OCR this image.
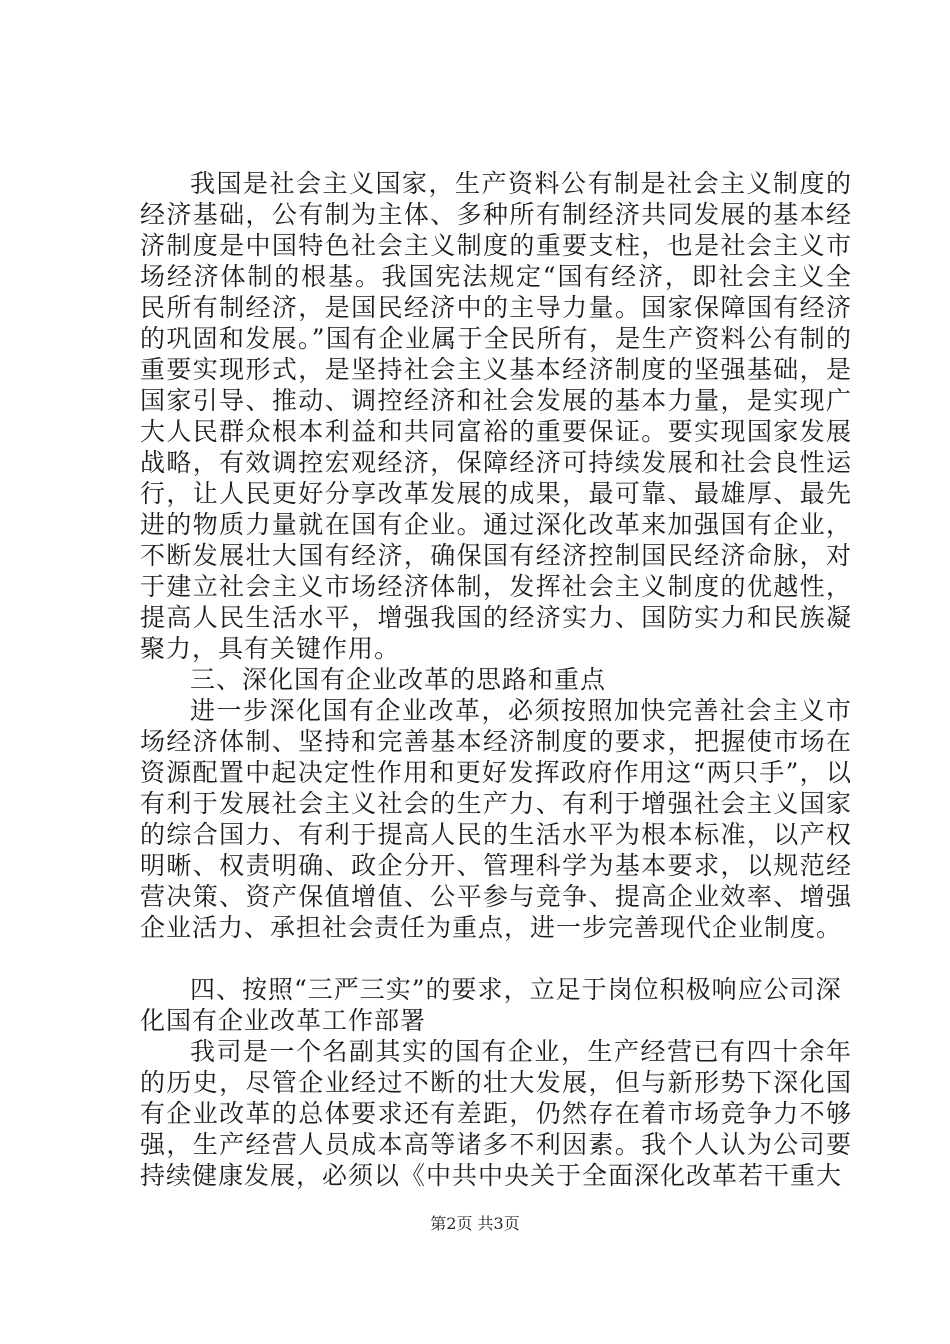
我国是社会主义国家，生产资料公有制是社会主义制度的经济基础，公有制为主体、多种所有制经济共同发展的基本经济制度是中国特色社会主义制度的重要支柱，也是社会主义市场经济体制的根基。我国宪法规定“国有经济，即社会主义全民所有制经济，是国民经济中的主导力量。国家保障国有经济的巩固和发展。”国有企业属于全民所有，是生产资料公有制的重要实现形式，是坚持社会主义基本经济制度的坚强基础，是国家引导、推动、调控经济和社会发展的基本力量，是实现广大人民群众根本利益和共同富裕的重要保证。要实现国家发展战略，有效调控宏观经济，保障经济可持续发展和社会良性运行，让人民更好分享改革发展的成果，最可靠、最雄厚、最先进的物质力量就在国有企业。通过深化改革来加强国有企业，不断发展壮大国有经济，确保国有经济控制国民经济命脉，对于建立社会主义市场经济体制，发挥社会主义制度的优越性，提高人民生活水平，增强我国的经济实力、国防实力和民族凝聚力，具有关键作用。

三、深化国有企业改革的思路和重点

进一步深化国有企业改革，必须按照加快完善社会主义市场经济体制、坚持和完善基本经济制度的要求，把握使市场在资源配置中起决定性作用和更好发挥政府作用这“两只手”，以有利于发展社会主义社会的生产力、有利于增强社会主义国家的综合国力、有利于提高人民的生活水平为根本标准，以产权明晰、权责明确、政企分开、管理科学为基本要求，以规范经营决策、资产保值增值、公平参与竞争、提高企业效率、增强企业活力、承担社会责任为重点，进一步完善现代企业制度。

四、按照“三严三实”的要求，立足于岗位积极响应公司深化国有企业改革工作部署

我司是一个名副其实的国有企业，生产经营已有四十余年的历史，尽管企业经过不断的壮大发展，但与新形势下深化国有企业改革的总体要求还有差距，仍然存在着市场竞争力不够强，生产经营人员成本高等诸多不利因素。我个人认为公司要持续健康发展，必须以《中共中央关于全面深化改革若干重大

第2页 共3页
